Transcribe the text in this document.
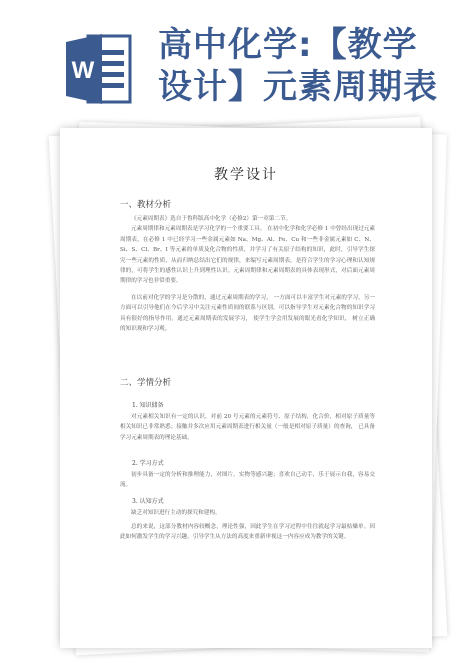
W
高中化学:【教学
设计】元素周期表
教学设计
一、教材分析

《元素周期表》选自于鲁科版高中化学（必修2）第一章第二节。

元素周期律和元素周期表是学习化学的一个重要工具。 在初中化学和化学必修 1 中曾经出现过元素周期表，在必修 1 中已经学习一些金属元素如 Na、Mg、Al、Fe、Cu 和一些非金属元素如 C、N、Si、S、Cl、Br、I 等元素的单质及化合物的性质，并学习了有关原子结构的知识，此时，引导学生探究一些元素的性质，从而归纳总结出它们的规律，来编写元素周期表，是符合学生的学习心理和认知规律的，可将学生的感性认识上升到理性认识。元素周期律和元素周期表的具体表现形式，对后面元素周期律的学习也非常重要。

在以前对化学的学习是分散的，通过元素周期表的学习， 一方面可以丰富学生对元素的学习，另一方面可以引导他们在今后学习中关注元素性质间的联系与区别，可以指导学生对元素化合物的知识学习具有很好的指导作用，通过元素周期表的发展学习， 使学生学会用发展的眼光看化学知识， 树立正确的知识观和学习观。

二、学情分析
1. 知识储备

对元素相关知识有一定的认识，对前 20 号元素的元素符号、原子结构，化合价，相对原子质量等相关知识已非常熟悉；接触并多次应用元素周期表进行相关量（一般是相对原子质量）的查询， 已具备学习元素周期表的理论基础。

2. 学习方式

初步具备一定的分析和推理能力，对图片，实物等感兴趣；喜欢自己动手，乐于展示自我，容易交流。

3. 认知方式

缺乏对知识进行主动的探究和建构。

总的来说，这部分教材内容较概念，理论性强，因此学生在学习过程中往往就起学习最枯燥单。因此如何激发学生的学习兴趣，引导学生从方法的高度来重新审视这一内容应成为教学的关键。
